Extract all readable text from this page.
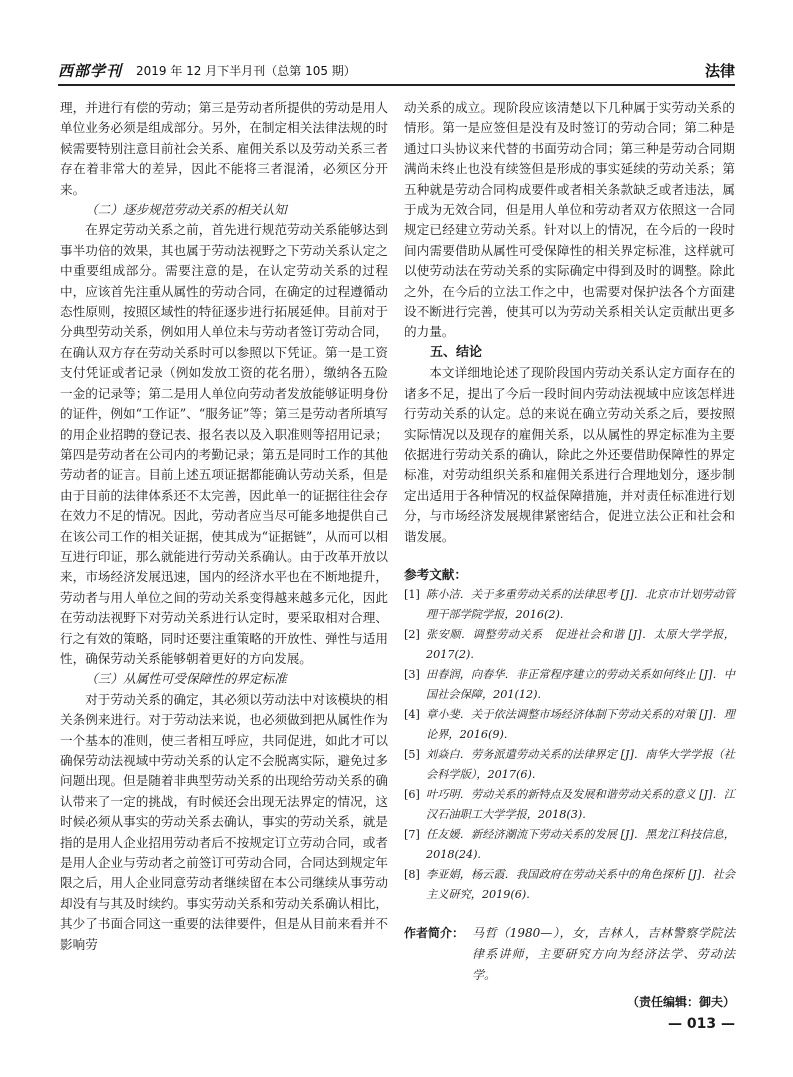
西部学刊 2019 年 12 月下半月刊（总第 105 期）	法律

理，并进行有偿的劳动；第三是劳动者所提供的劳动是用人单位业务必须是组成部分。另外，在制定相关法律法规的时候需要特别注意目前社会关系、雇佣关系以及劳动关系三者存在着非常大的差异，因此不能将三者混淆，必须区分开来。

（二）逐步规范劳动关系的相关认知

在界定劳动关系之前，首先进行规范劳动关系能够达到事半功倍的效果，其也属于劳动法视野之下劳动关系认定之中重要组成部分。需要注意的是，在认定劳动关系的过程中，应该首先注重从属性的劳动合同，在确定的过程遵循动态性原则，按照区域性的特征逐步进行拓展延伸。目前对于分典型劳动关系，例如用人单位未与劳动者签订劳动合同，在确认双方存在劳动关系时可以参照以下凭证。第一是工资支付凭证或者记录（例如发放工资的花名册），缴纳各五险一金的记录等；第二是用人单位向劳动者发放能够证明身份的证件，例如“工作证”、“服务证”等；第三是劳动者所填写的用企业招聘的登记表、报名表以及入职准则等招用记录；第四是劳动者在公司内的考勤记录；第五是同时工作的其他劳动者的证言。目前上述五项证据都能确认劳动关系，但是由于目前的法律体系还不太完善，因此单一的证据往往会存在效力不足的情况。因此，劳动者应当尽可能多地提供自己在该公司工作的相关证据，使其成为“证据链”，从而可以相互进行印证，那么就能进行劳动关系确认。由于改革开放以来，市场经济发展迅速，国内的经济水平也在不断地提升，劳动者与用人单位之间的劳动关系变得越来越多元化，因此在劳动法视野下对劳动关系进行认定时，要采取相对合理、行之有效的策略，同时还要注重策略的开放性、弹性与适用性，确保劳动关系能够朝着更好的方向发展。

（三）从属性可受保障性的界定标准

对于劳动关系的确定，其必须以劳动法中对该模块的相关条例来进行。对于劳动法来说，也必须做到把从属性作为一个基本的准则，使三者相互呼应，共同促进，如此才可以确保劳动法视域中劳动关系的认定不会脱离实际，避免过多问题出现。但是随着非典型劳动关系的出现给劳动关系的确认带来了一定的挑战，有时候还会出现无法界定的情况，这时候必须从事实的劳动关系去确认，事实的劳动关系，就是指的是用人企业招用劳动者后不按规定订立劳动合同，或者是用人企业与劳动者之前签订可劳动合同，合同达到规定年限之后，用人企业同意劳动者继续留在本公司继续从事劳动却没有与其及时续约。事实劳动关系和劳动关系确认相比，其少了书面合同这一重要的法律要件，但是从目前来看并不影响劳

动关系的成立。现阶段应该清楚以下几种属于实劳动关系的情形。第一是应签但是没有及时签订的劳动合同；第二种是通过口头协议来代替的书面劳动合同；第三种是劳动合同期满尚未终止也没有续签但是形成的事实延续的劳动关系；第五种就是劳动合同构成要件或者相关条款缺乏或者违法，属于成为无效合同，但是用人单位和劳动者双方依照这一合同规定已经建立劳动关系。针对以上的情况，在今后的一段时间内需要借助从属性可受保障性的相关界定标准，这样就可以使劳动法在劳动关系的实际确定中得到及时的调整。除此之外，在今后的立法工作之中，也需要对保护法各个方面建设不断进行完善，使其可以为劳动关系相关认定贡献出更多的力量。

五、结论

本文详细地论述了现阶段国内劳动关系认定方面存在的诸多不足，提出了今后一段时间内劳动法视域中应该怎样进行劳动关系的认定。总的来说在确立劳动关系之后，要按照实际情况以及现存的雇佣关系，以从属性的界定标准为主要依据进行劳动关系的确认，除此之外还要借助保障性的界定标准，对劳动组织关系和雇佣关系进行合理地划分，逐步制定出适用于各种情况的权益保障措施，并对责任标准进行划分，与市场经济发展规律紧密结合，促进立法公正和社会和谐发展。

参考文献：
[1] 陈小洁．关于多重劳动关系的法律思考 [J]．北京市计划劳动管理干部学院学报，2016(2).
[2] 张安顺．调整劳动关系　促进社会和谐 [J]．太原大学学报，2017(2).
[3] 田春润，向春华．非正常程序建立的劳动关系如何终止 [J]．中国社会保障，201(12).
[4] 章小斐．关于依法调整市场经济体制下劳动关系的对策 [J]．理论界，2016(9).
[5] 刘焱白．劳务派遣劳动关系的法律界定 [J]．南华大学学报（社会科学版），2017(6).
[6] 叶巧明．劳动关系的新特点及发展和谐劳动关系的意义 [J]．江汉石油职工大学学报，2018(3).
[7] 任友媛．新经济潮流下劳动关系的发展 [J]．黑龙江科技信息，2018(24).
[8] 李亚娟，杨云霞．我国政府在劳动关系中的角色探析 [J]．社会主义研究，2019(6).
作者简介： 马哲（1980—），女，吉林人，吉林警察学院法律系讲师，主要研究方向为经济法学、劳动法学。
（责任编辑：御夫）
— 013 —
